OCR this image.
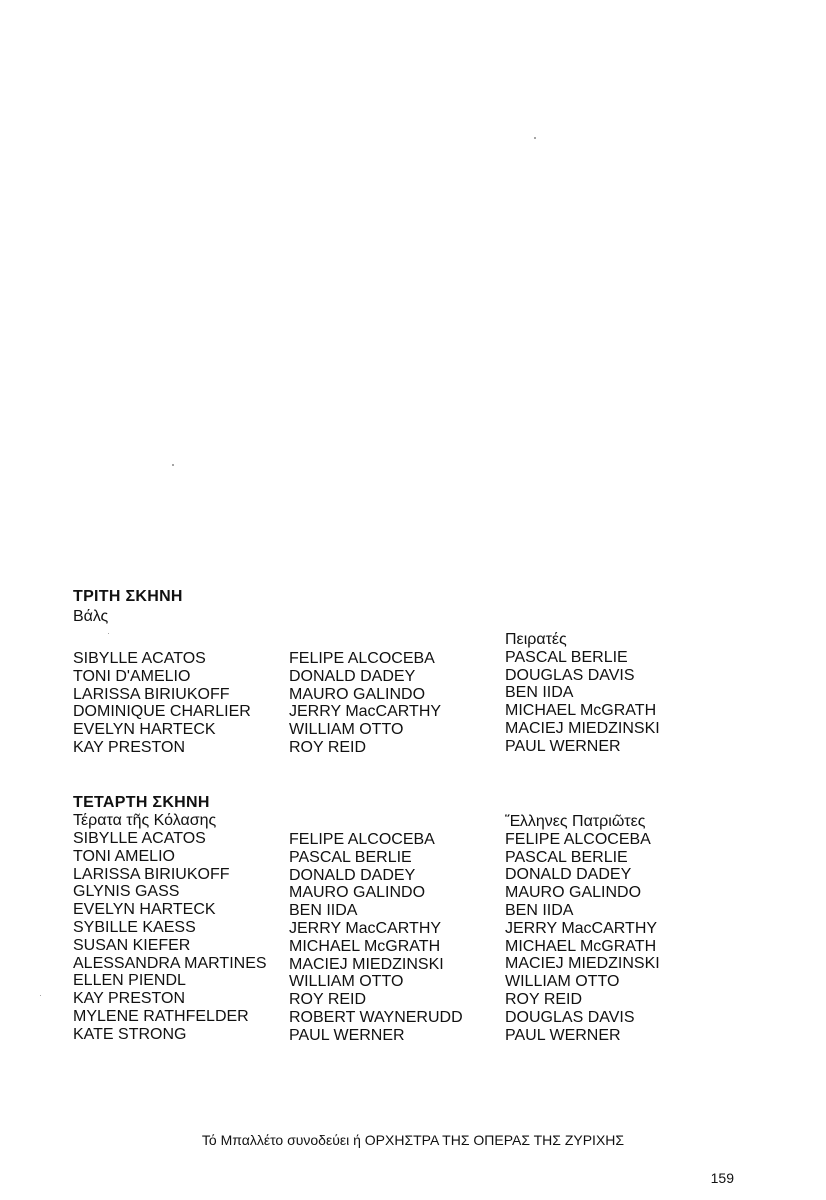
ΤΡΙΤΗ ΣΚΗΝΗ
Βάλς
SIBYLLE ACATOS
TONI D'AMELIO
LARISSA BIRIUKOFF
DOMINIQUE CHARLIER
EVELYN HARTECK
KAY PRESTON
FELIPE ALCOCEBA
DONALD DADEY
MAURO GALINDO
JERRY MacCARTHY
WILLIAM OTTO
ROY REID
Πειρατές
PASCAL BERLIE
DOUGLAS DAVIS
BEN IIDA
MICHAEL McGRATH
MACIEJ MIEDZINSKI
PAUL WERNER
ΤΕΤΑΡΤΗ ΣΚΗΝΗ
Τέρατα τῆς Κόλασης
SIBYLLE ACATOS
TONI AMELIO
LARISSA BIRIUKOFF
GLYNIS GASS
EVELYN HARTECK
SYBILLE KAESS
SUSAN KIEFER
ALESSANDRA MARTINES
ELLEN PIENDL
KAY PRESTON
MYLENE RATHFELDER
KATE STRONG
FELIPE ALCOCEBA
PASCAL BERLIE
DONALD DADEY
MAURO GALINDO
BEN IIDA
JERRY MacCARTHY
MICHAEL McGRATH
MACIEJ MIEDZINSKI
WILLIAM OTTO
ROY REID
ROBERT WAYNERUDD
PAUL WERNER
Ἕλληνες Πατριῶτες
FELIPE ALCOCEBA
PASCAL BERLIE
DONALD DADEY
MAURO GALINDO
BEN IIDA
JERRY MacCARTHY
MICHAEL McGRATH
MACIEJ MIEDZINSKI
WILLIAM OTTO
ROY REID
DOUGLAS DAVIS
PAUL WERNER
Τό Μπαλλέτο συνοδεύει ή ΟΡΧΗΣΤΡΑ ΤΗΣ ΟΠΕΡΑΣ ΤΗΣ ΖΥΡΙΧΗΣ
159
